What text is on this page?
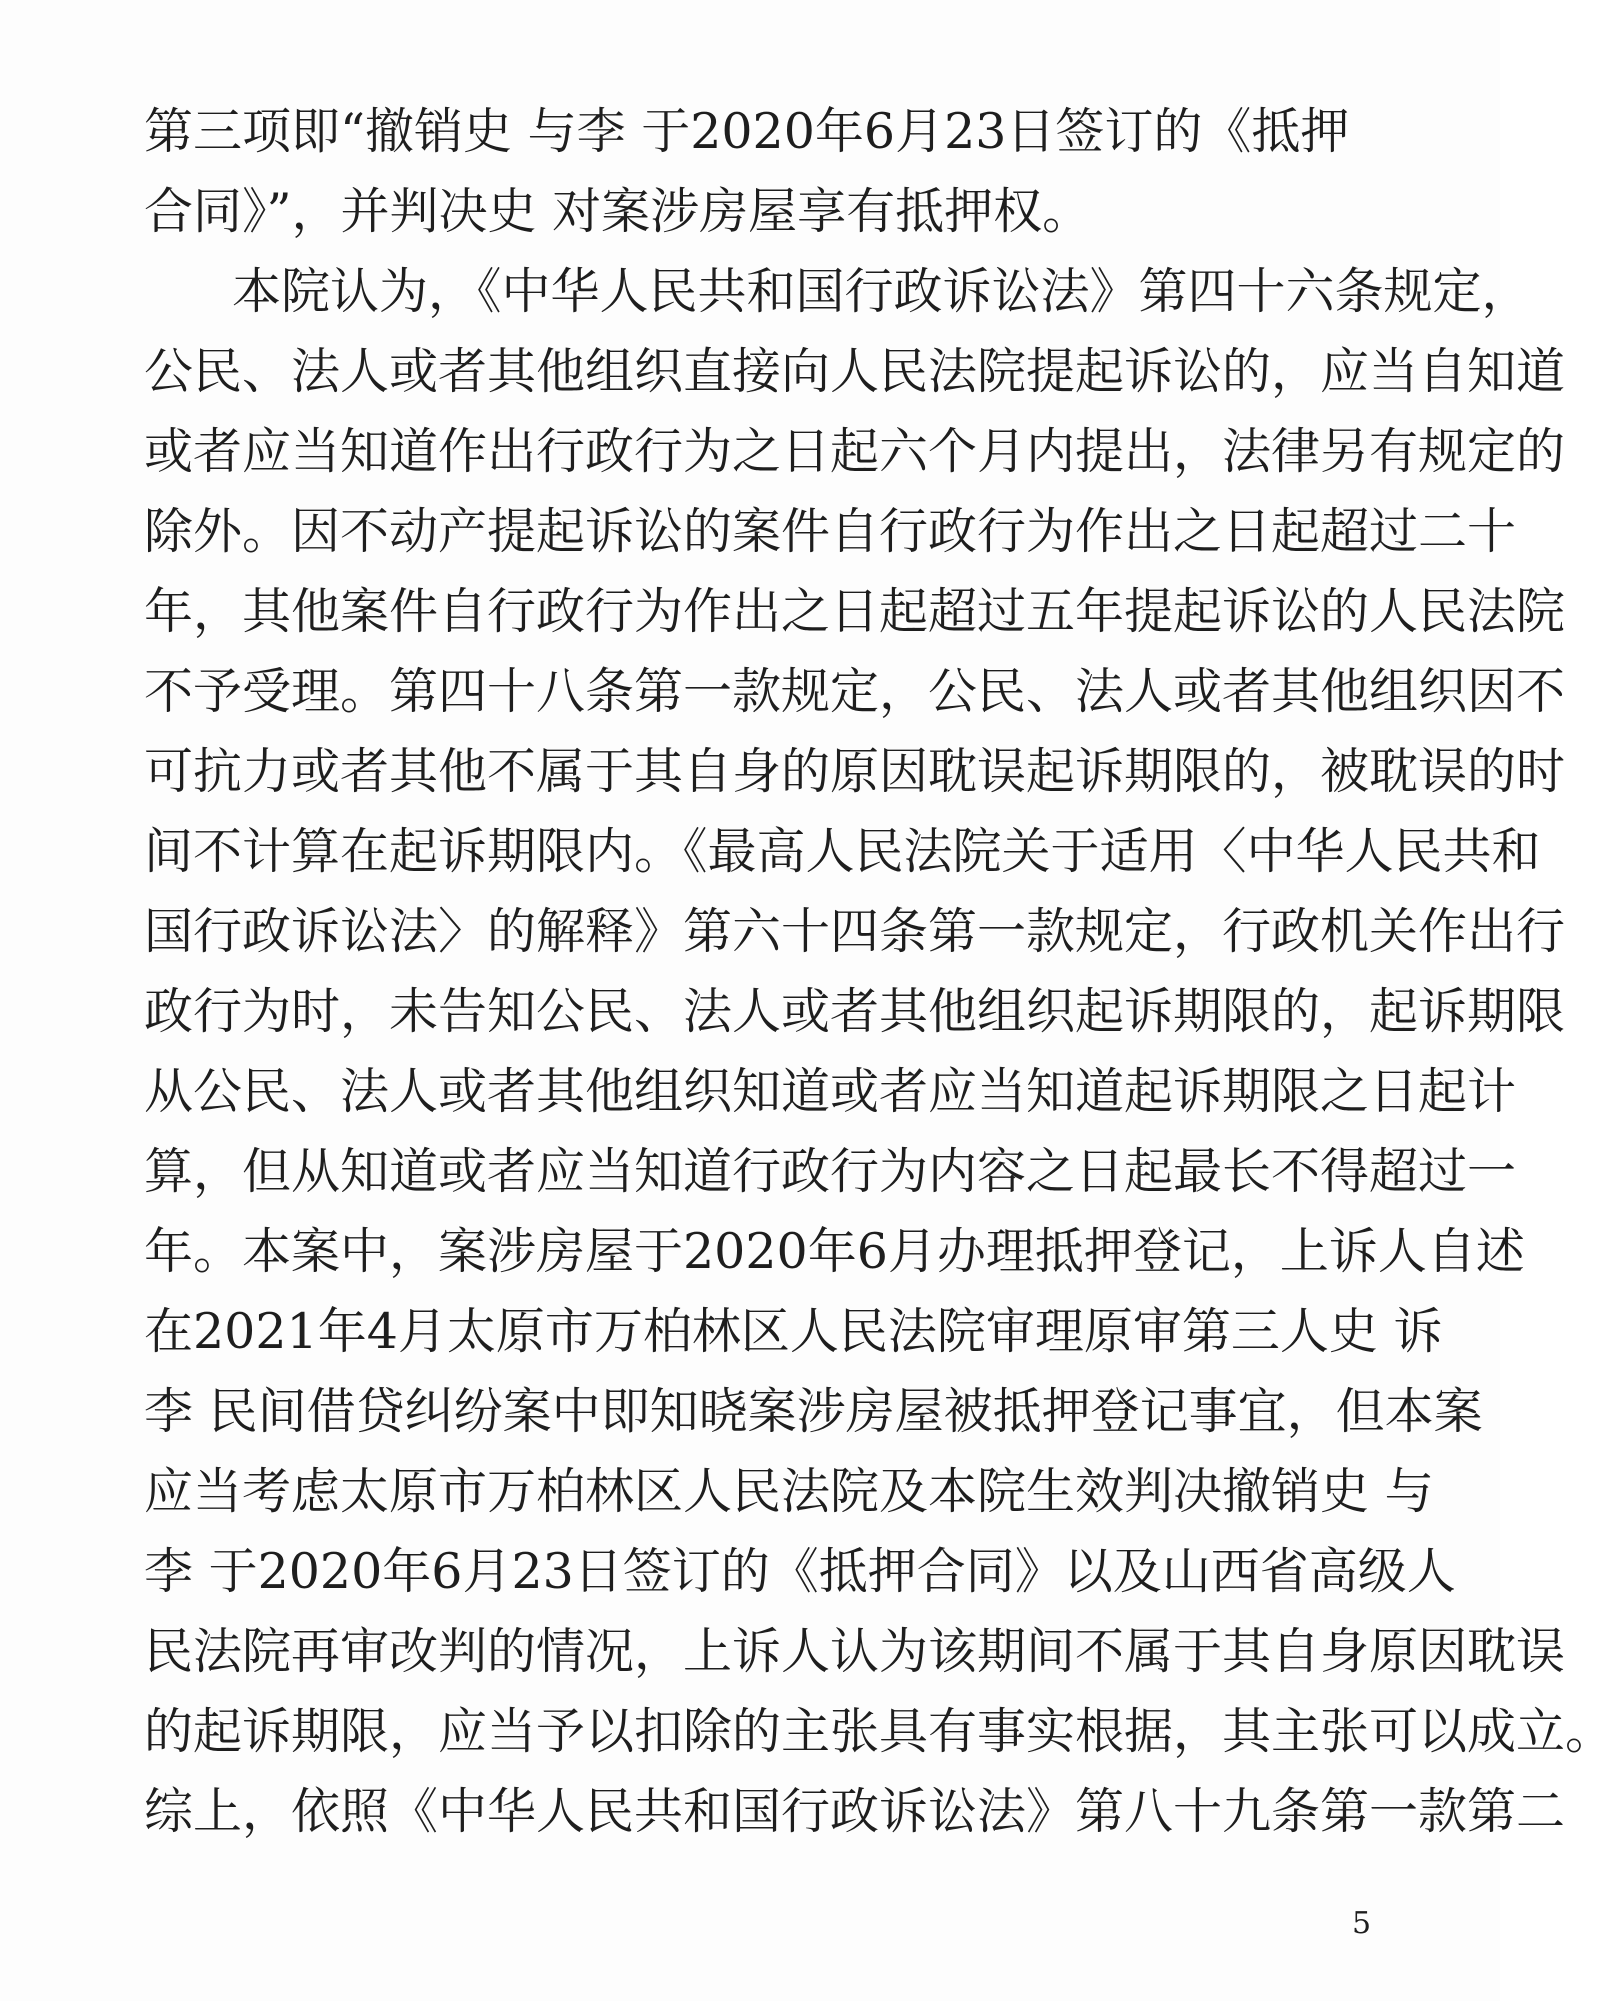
第三项即“撤销史 与李 于2020年6月23日签订的《抵押
合同》”，并判决史 对案涉房屋享有抵押权。
本院认为，《中华人民共和国行政诉讼法》第四十六条规定，
公民、法人或者其他组织直接向人民法院提起诉讼的，应当自知道
或者应当知道作出行政行为之日起六个月内提出，法律另有规定的
除外。因不动产提起诉讼的案件自行政行为作出之日起超过二十
年，其他案件自行政行为作出之日起超过五年提起诉讼的人民法院
不予受理。第四十八条第一款规定，公民、法人或者其他组织因不
可抗力或者其他不属于其自身的原因耽误起诉期限的，被耽误的时
间不计算在起诉期限内。《最高人民法院关于适用〈中华人民共和
国行政诉讼法〉的解释》第六十四条第一款规定，行政机关作出行
政行为时，未告知公民、法人或者其他组织起诉期限的，起诉期限
从公民、法人或者其他组织知道或者应当知道起诉期限之日起计
算，但从知道或者应当知道行政行为内容之日起最长不得超过一
年。本案中，案涉房屋于2020年6月办理抵押登记，上诉人自述
在2021年4月太原市万柏林区人民法院审理原审第三人史 诉
李 民间借贷纠纷案中即知晓案涉房屋被抵押登记事宜，但本案
应当考虑太原市万柏林区人民法院及本院生效判决撤销史 与
李 于2020年6月23日签订的《抵押合同》以及山西省高级人
民法院再审改判的情况，上诉人认为该期间不属于其自身原因耽误
的起诉期限，应当予以扣除的主张具有事实根据，其主张可以成立。
综上，依照《中华人民共和国行政诉讼法》第八十九条第一款第二
5
